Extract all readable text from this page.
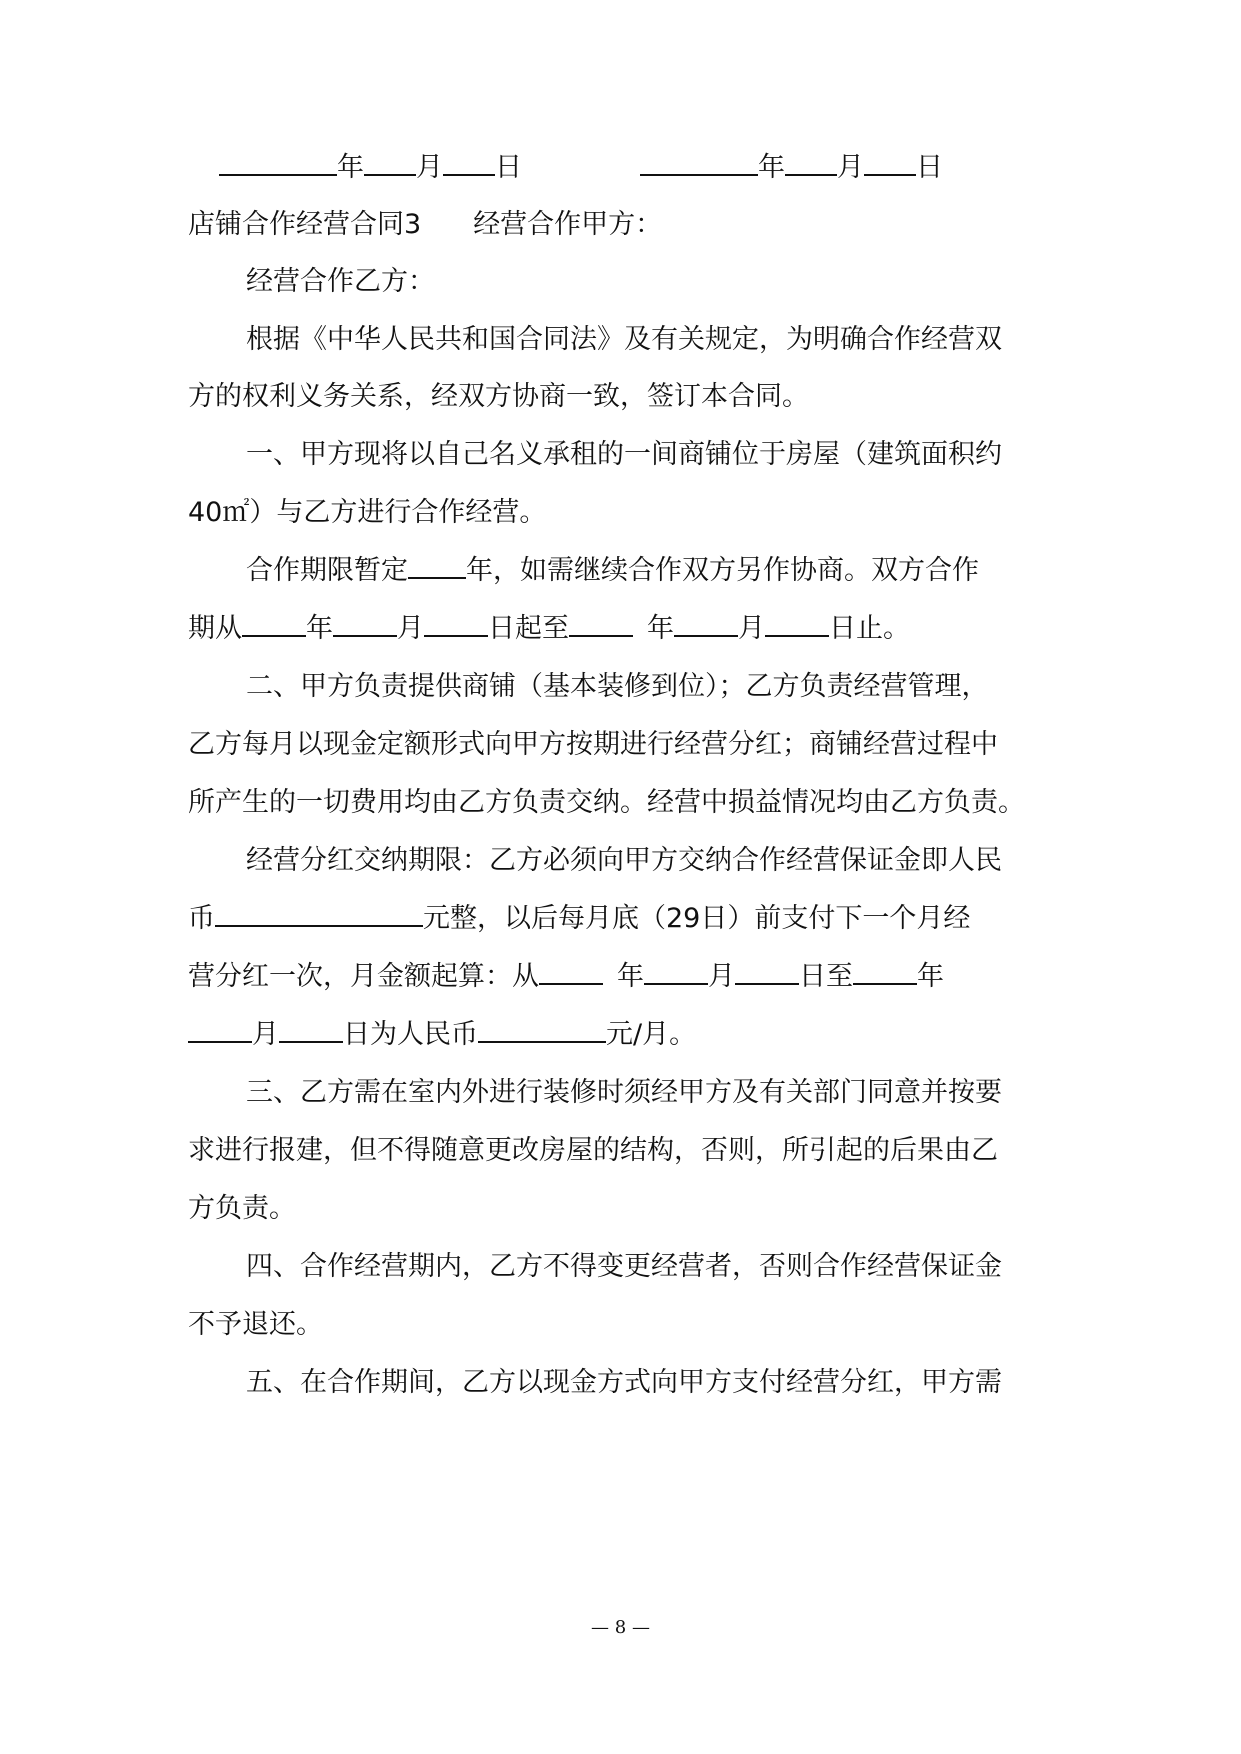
年 月 日	年 月 日
店铺合作经营合同3 经营合作甲方：
经营合作乙方：
根据《中华人民共和国合同法》及有关规定，为明确合作经营双
方的权利义务关系，经双方协商一致，签订本合同。
一、甲方现将以自己名义承租的一间商铺位于房屋（建筑面积约
40㎡）与乙方进行合作经营。
合作期限暂定 年，如需继续合作双方另作协商。双方合作
期从 年 月 日起至	年 月 日止。
二、甲方负责提供商铺（基本装修到位）；乙方负责经营管理，
乙方每月以现金定额形式向甲方按期进行经营分红；商铺经营过程中
所产生的一切费用均由乙方负责交纳。经营中损益情况均由乙方负责。
经营分红交纳期限：乙方必须向甲方交纳合作经营保证金即人民
币	元整，以后每月底（29日）前支付下一个月经
营分红一次，月金额起算：从	年 月 日至 年
月 日为人民币	元/月。
三、乙方需在室内外进行装修时须经甲方及有关部门同意并按要
求进行报建，但不得随意更改房屋的结构，否则，所引起的后果由乙
方负责。
四、合作经营期内，乙方不得变更经营者，否则合作经营保证金
不予退还。
五、在合作期间，乙方以现金方式向甲方支付经营分红，甲方需
— 8 —
